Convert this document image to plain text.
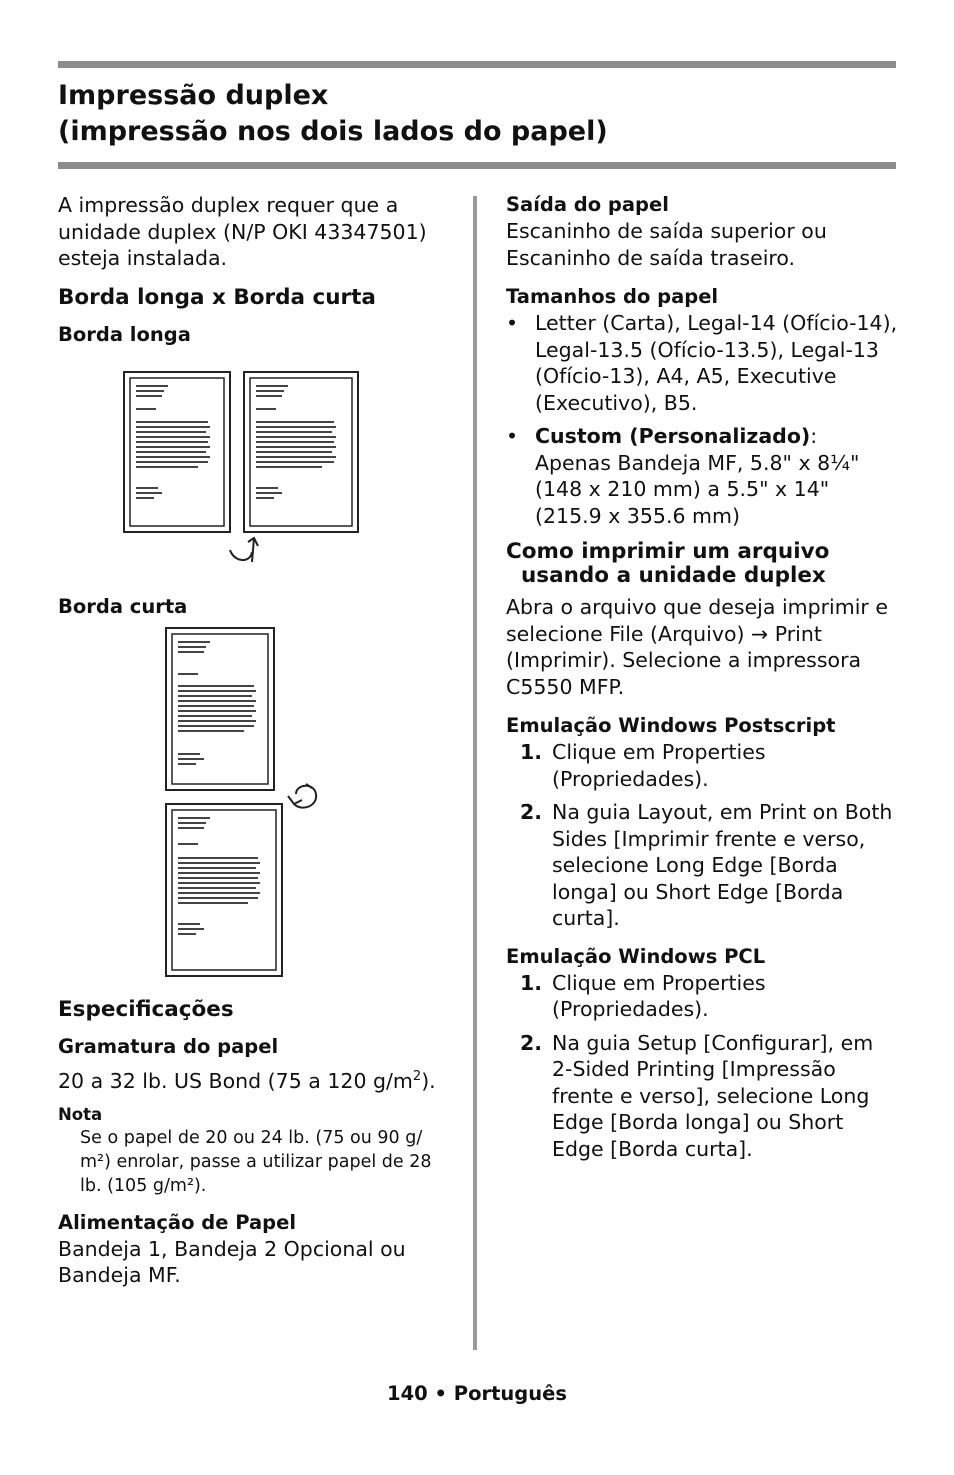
Impressão duplex
(impressão nos dois lados do papel)

A impressão duplex requer que a unidade duplex (N/P OKI 43347501) esteja instalada.

Borda longa x Borda curta

Borda longa

Borda curta

Especificações

Gramatura do papel

20 a 32 lb. US Bond (75 a 120 $g/m^2$).

Nota

Se o papel de 20 ou 24 lb. (75 ou 90 g/ m²) enrolar, passe a utilizar papel de 28 lb. (105 g/m²).

Alimentação de Papel

Bandeja 1, Bandeja 2 Opcional ou Bandeja MF.

Saída do papel

Escaninho de saída superior ou Escaninho de saída traseiro.

Tamanhos do papel

• Letter (Carta), Legal-14 (Ofício-14), Legal-13.5 (Ofício-13.5), Legal-13 (Ofício-13), A4, A5, Executive (Executivo), B5.
• Custom (Personalizado): Apenas Bandeja MF, 5.8" x 8¼" (148 x 210 mm) a 5.5" x 14" (215.9 x 355.6 mm)

Como imprimir um arquivo
usando a unidade duplex

Abra o arquivo que deseja imprimir e selecione File (Arquivo) → Print (Imprimir). Selecione a impressora C5550 MFP.

Emulação Windows Postscript

1. Clique em Properties (Propriedades).
2. Na guia Layout, em Print on Both Sides [Imprimir frente e verso, selecione Long Edge [Borda longa] ou Short Edge [Borda curta].

Emulação Windows PCL

1. Clique em Properties (Propriedades).
2. Na guia Setup [Configurar], em 2-Sided Printing [Impressão frente e verso], selecione Long Edge [Borda longa] ou Short Edge [Borda curta].
140 • Português
